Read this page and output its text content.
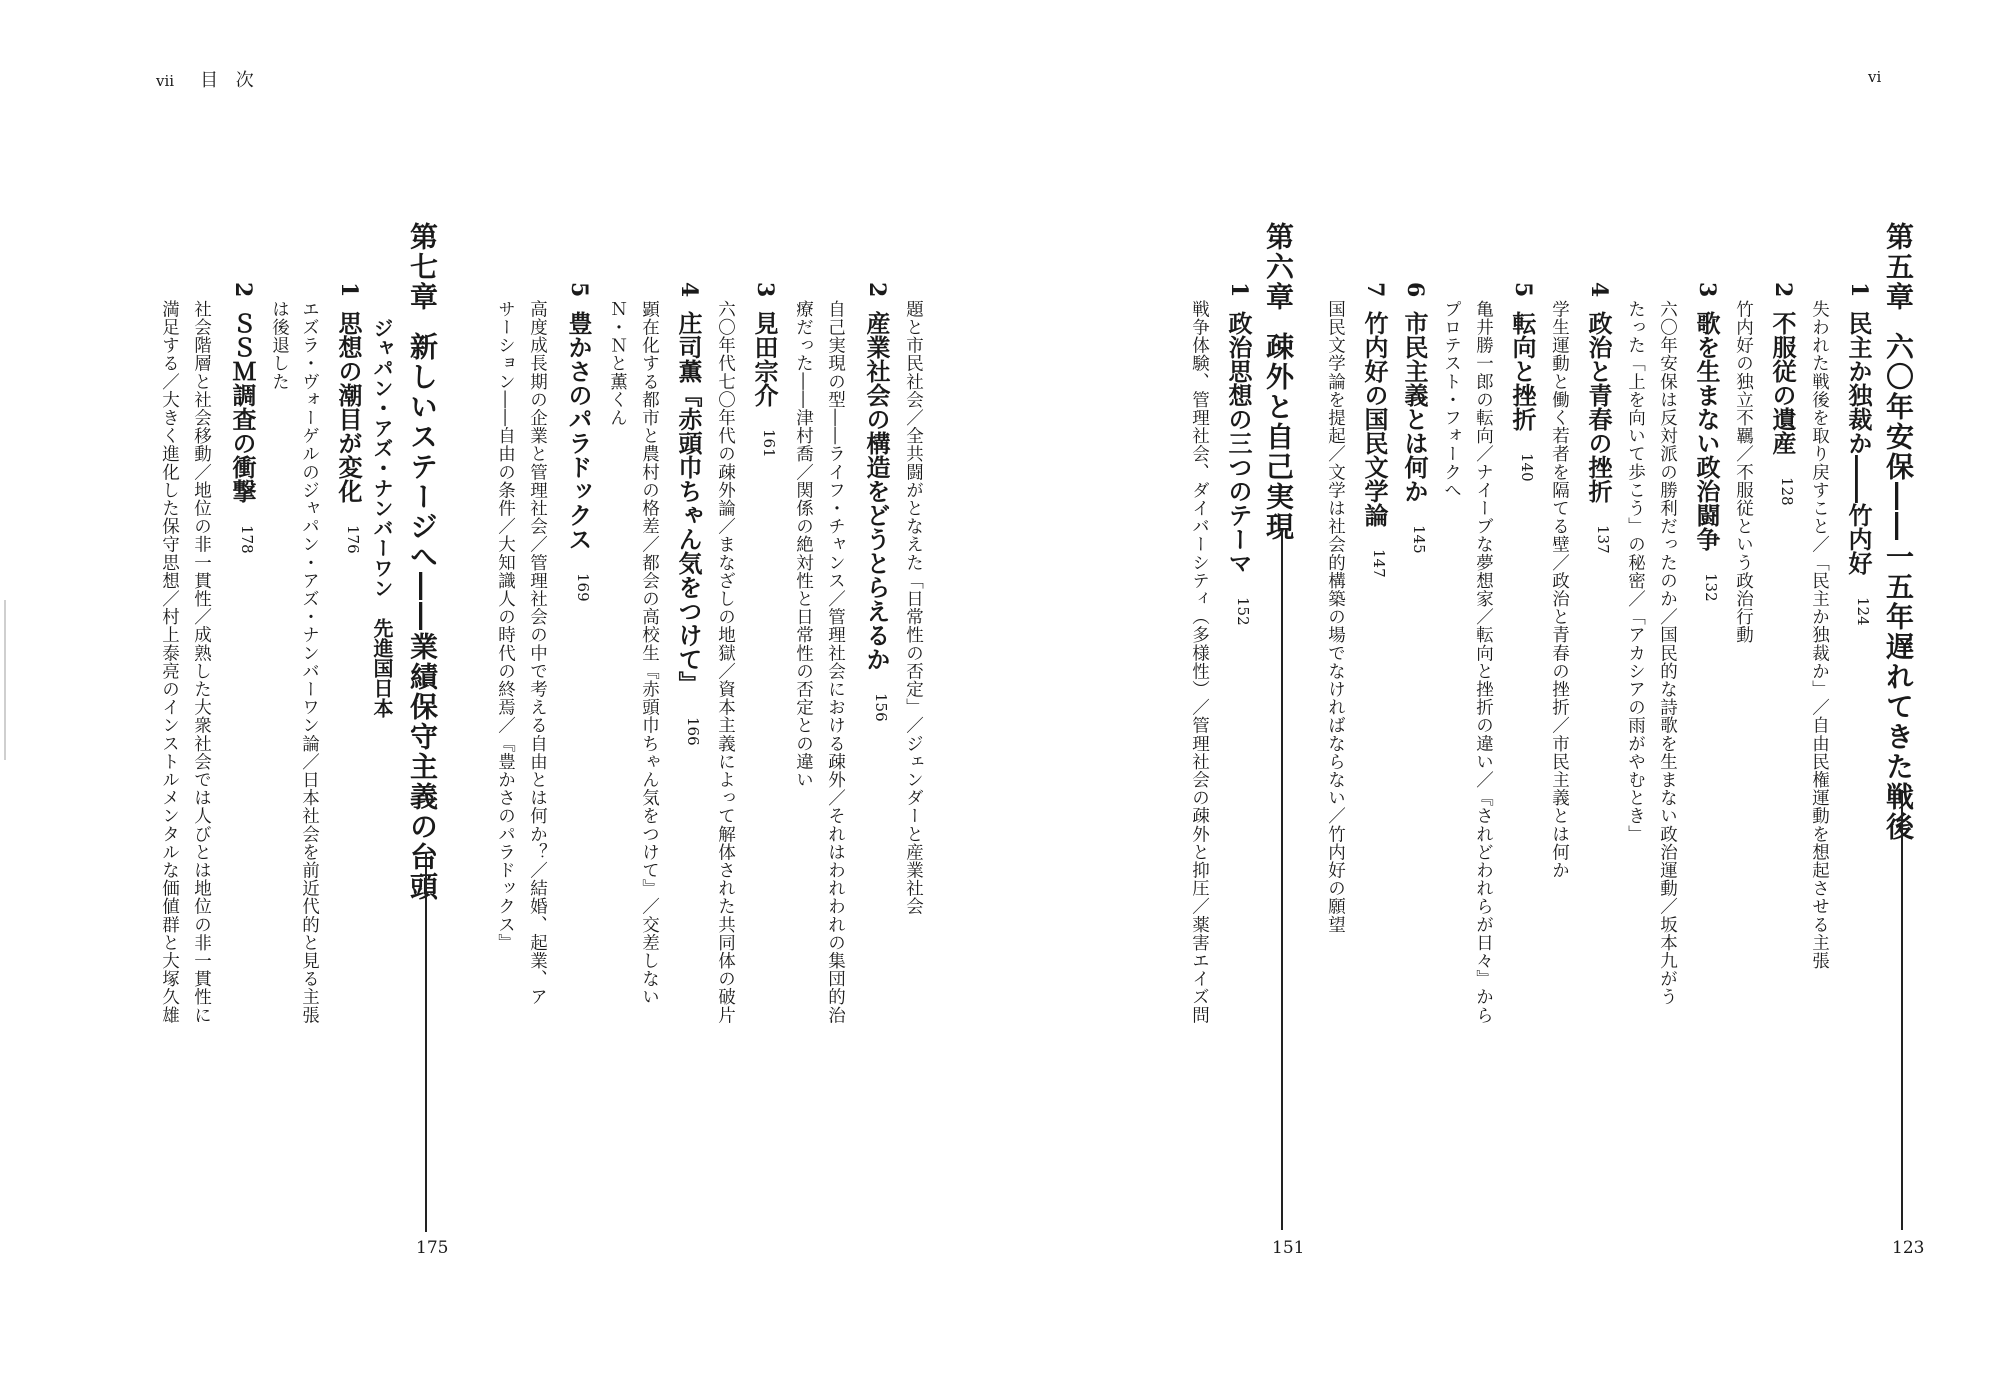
vii 目 次
第七章新しいステージへ――業績保守主義の台頭
175
ジャパン・アズ・ナンバーワン　先進国日本
1
思想の潮目が変化
176
エズラ・ヴォーゲルのジャパン・アズ・ナンバーワン論／日本社会を前近代的と見る主張
は後退した
2
ＳＳＭ調査の衝撃
178
社会階層と社会移動／地位の非一貫性／成熟した大衆社会では人びとは地位の非一貫性に
満足する／大きく進化した保守思想／村上泰亮のインストルメンタルな価値群と大塚久雄	題と市民社会／全共闘がとなえた「日常性の否定」／ジェンダーと産業社会
2
産業社会の構造をどうとらえるか
156
自己実現の型――ライフ・チャンス／管理社会における疎外／それはわれわれの集団的治
療だった――津村喬／関係の絶対性と日常性の否定との違い
3
見田宗介
161
六〇年代七〇年代の疎外論／まなざしの地獄／資本主義によって解体された共同体の破片
4
庄司薫『赤頭巾ちゃん気をつけて』
166
顕在化する都市と農村の格差／都会の高校生『赤頭巾ちゃん気をつけて』／交差しない
Ｎ・Ｎと薫くん
5
豊かさのパラドックス
169
高度成長期の企業と管理社会／管理社会の中で考える自由とは何か？／結婚、起業、ア
サーション――自由の条件／大知識人の時代の終焉／『豊かさのパラドックス』
vi
第五章六〇年安保――一五年遅れてきた戦後
123
1
民主か独裁か――竹内好
124
失われた戦後を取り戻すこと／「民主か独裁か」／自由民権運動を想起させる主張
2
不服従の遺産
128
竹内好の独立不羈／不服従という政治行動
3
歌を生まない政治闘争
132
六〇年安保は反対派の勝利だったのか／国民的な詩歌を生まない政治運動／坂本九がう
たった「上を向いて歩こう」の秘密／「アカシアの雨がやむとき」
4
政治と青春の挫折
137
学生運動と働く若者を隔てる壁／政治と青春の挫折／市民主義とは何か
5
転向と挫折
140
亀井勝一郎の転向／ナイーブな夢想家／転向と挫折の違い／『されどわれらが日々』から
プロテスト・フォークへ
6
市民主義とは何か
145
7
竹内好の国民文学論
147
国民文学論を提起／文学は社会的構築の場でなければならない／竹内好の願望
第六章疎外と自己実現
151
1
政治思想の三つのテーマ
152
戦争体験、管理社会、ダイバーシティ（多様性）／管理社会の疎外と抑圧／薬害エイズ問
